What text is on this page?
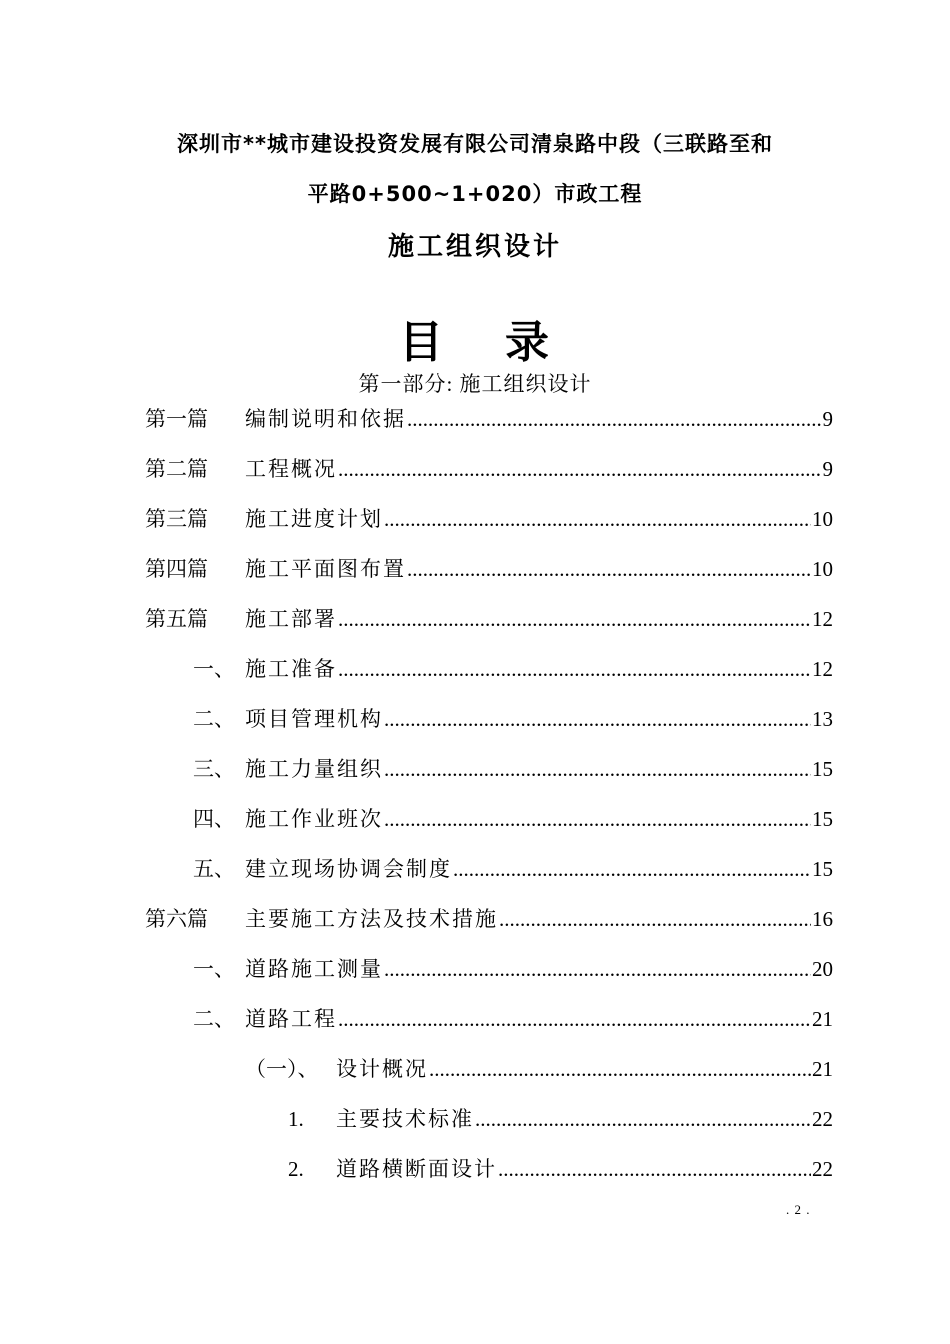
深圳市**城市建设投资发展有限公司清泉路中段（三联路至和
平路0+500~1+020）市政工程
施工组织设计
目 录
第一部分: 施工组织设计
第一篇	编制说明和依据 .....	9
第二篇	工程概况 .....	9
第三篇	施工进度计划 .....	10
第四篇	施工平面图布置 .....	10
第五篇	施工部署 .....	12
一、 施工准备 .....	12
二、 项目管理机构 .....	13
三、 施工力量组织 .....	15
四、 施工作业班次 .....	15
五、 建立现场协调会制度 .....	15
第六篇	主要施工方法及技术措施 .....	16
一、 道路施工测量 .....	20
二、 道路工程 .....	21
（一）、 设计概况 .....	21
1.	主要技术标准 .....	22
2.	道路横断面设计 .....	22
. 2 .
